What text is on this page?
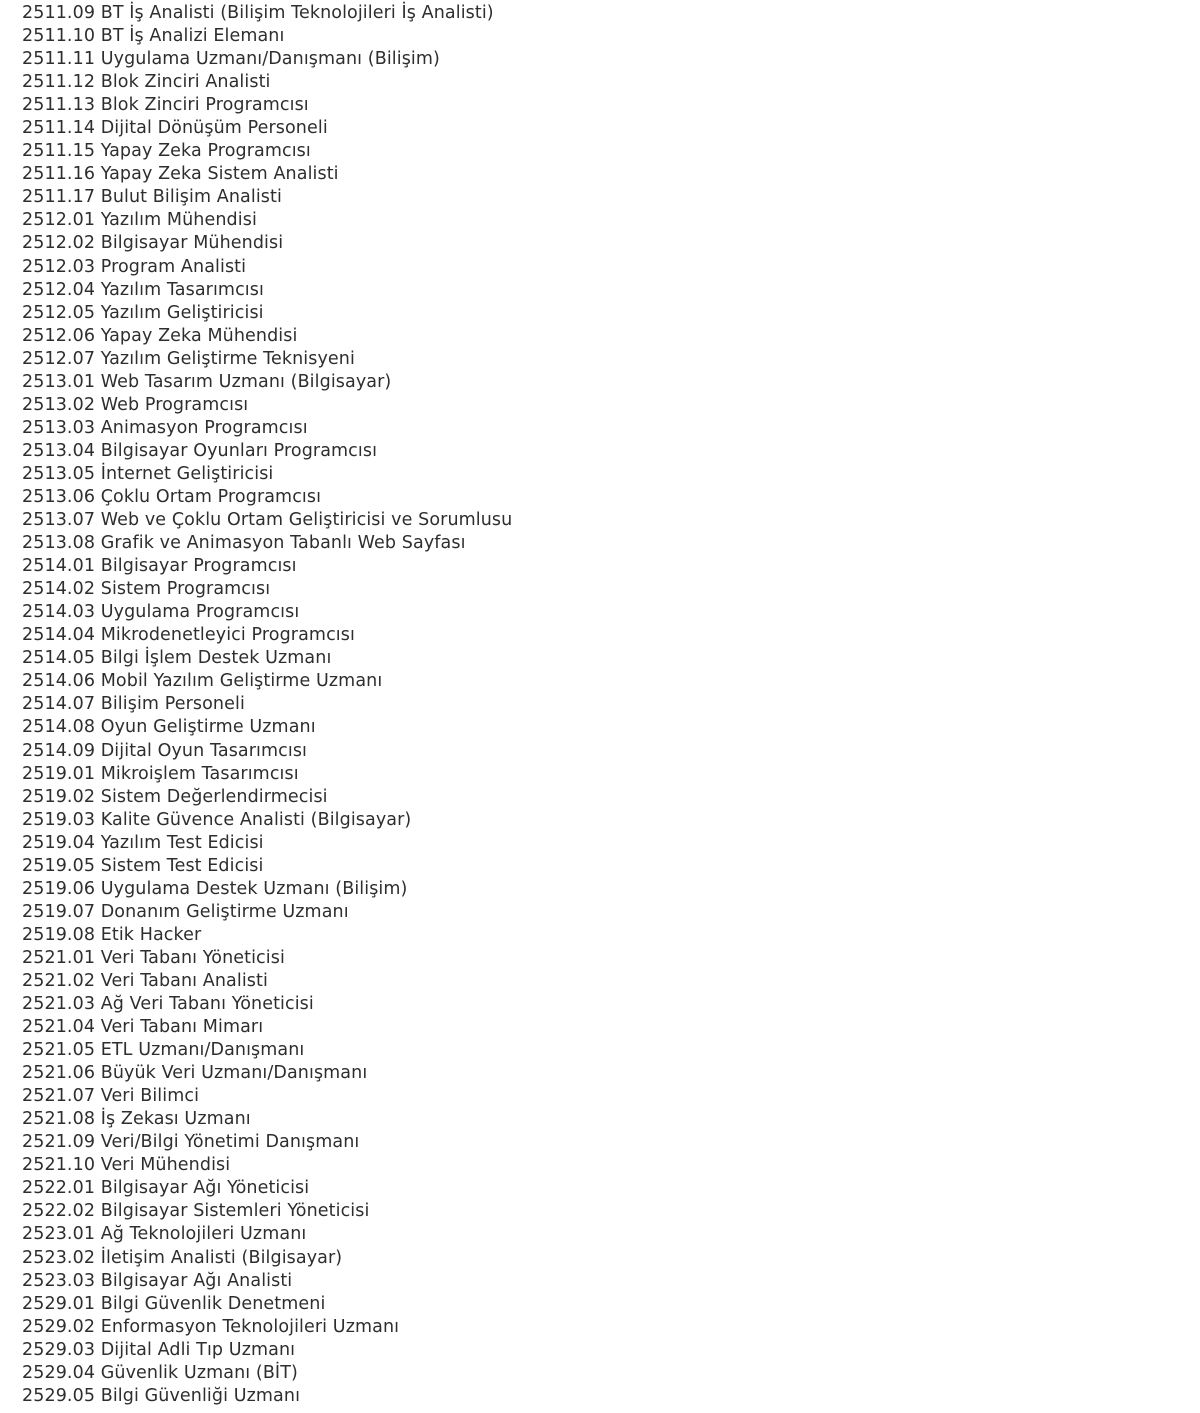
2511.09 BT İş Analisti (Bilişim Teknolojileri İş Analisti)
2511.10 BT İş Analizi Elemanı
2511.11 Uygulama Uzmanı/Danışmanı (Bilişim)
2511.12 Blok Zinciri Analisti
2511.13 Blok Zinciri Programcısı
2511.14 Dijital Dönüşüm Personeli
2511.15 Yapay Zeka Programcısı
2511.16 Yapay Zeka Sistem Analisti
2511.17 Bulut Bilişim Analisti
2512.01 Yazılım Mühendisi
2512.02 Bilgisayar Mühendisi
2512.03 Program Analisti
2512.04 Yazılım Tasarımcısı
2512.05 Yazılım Geliştiricisi
2512.06 Yapay Zeka Mühendisi
2512.07 Yazılım Geliştirme Teknisyeni
2513.01 Web Tasarım Uzmanı (Bilgisayar)
2513.02 Web Programcısı
2513.03 Animasyon Programcısı
2513.04 Bilgisayar Oyunları Programcısı
2513.05 İnternet Geliştiricisi
2513.06 Çoklu Ortam Programcısı
2513.07 Web ve Çoklu Ortam Geliştiricisi ve Sorumlusu
2513.08 Grafik ve Animasyon Tabanlı Web Sayfası
2514.01 Bilgisayar Programcısı
2514.02 Sistem Programcısı
2514.03 Uygulama Programcısı
2514.04 Mikrodenetleyici Programcısı
2514.05 Bilgi İşlem Destek Uzmanı
2514.06 Mobil Yazılım Geliştirme Uzmanı
2514.07 Bilişim Personeli
2514.08 Oyun Geliştirme Uzmanı
2514.09 Dijital Oyun Tasarımcısı
2519.01 Mikroişlem Tasarımcısı
2519.02 Sistem Değerlendirmecisi
2519.03 Kalite Güvence Analisti (Bilgisayar)
2519.04 Yazılım Test Edicisi
2519.05 Sistem Test Edicisi
2519.06 Uygulama Destek Uzmanı (Bilişim)
2519.07 Donanım Geliştirme Uzmanı
2519.08 Etik Hacker
2521.01 Veri Tabanı Yöneticisi
2521.02 Veri Tabanı Analisti
2521.03 Ağ Veri Tabanı Yöneticisi
2521.04 Veri Tabanı Mimarı
2521.05 ETL Uzmanı/Danışmanı
2521.06 Büyük Veri Uzmanı/Danışmanı
2521.07 Veri Bilimci
2521.08 İş Zekası Uzmanı
2521.09 Veri/Bilgi Yönetimi Danışmanı
2521.10 Veri Mühendisi
2522.01 Bilgisayar Ağı Yöneticisi
2522.02 Bilgisayar Sistemleri Yöneticisi
2523.01 Ağ Teknolojileri Uzmanı
2523.02 İletişim Analisti (Bilgisayar)
2523.03 Bilgisayar Ağı Analisti
2529.01 Bilgi Güvenlik Denetmeni
2529.02 Enformasyon Teknolojileri Uzmanı
2529.03 Dijital Adli Tıp Uzmanı
2529.04 Güvenlik Uzmanı (BİT)
2529.05 Bilgi Güvenliği Uzmanı
